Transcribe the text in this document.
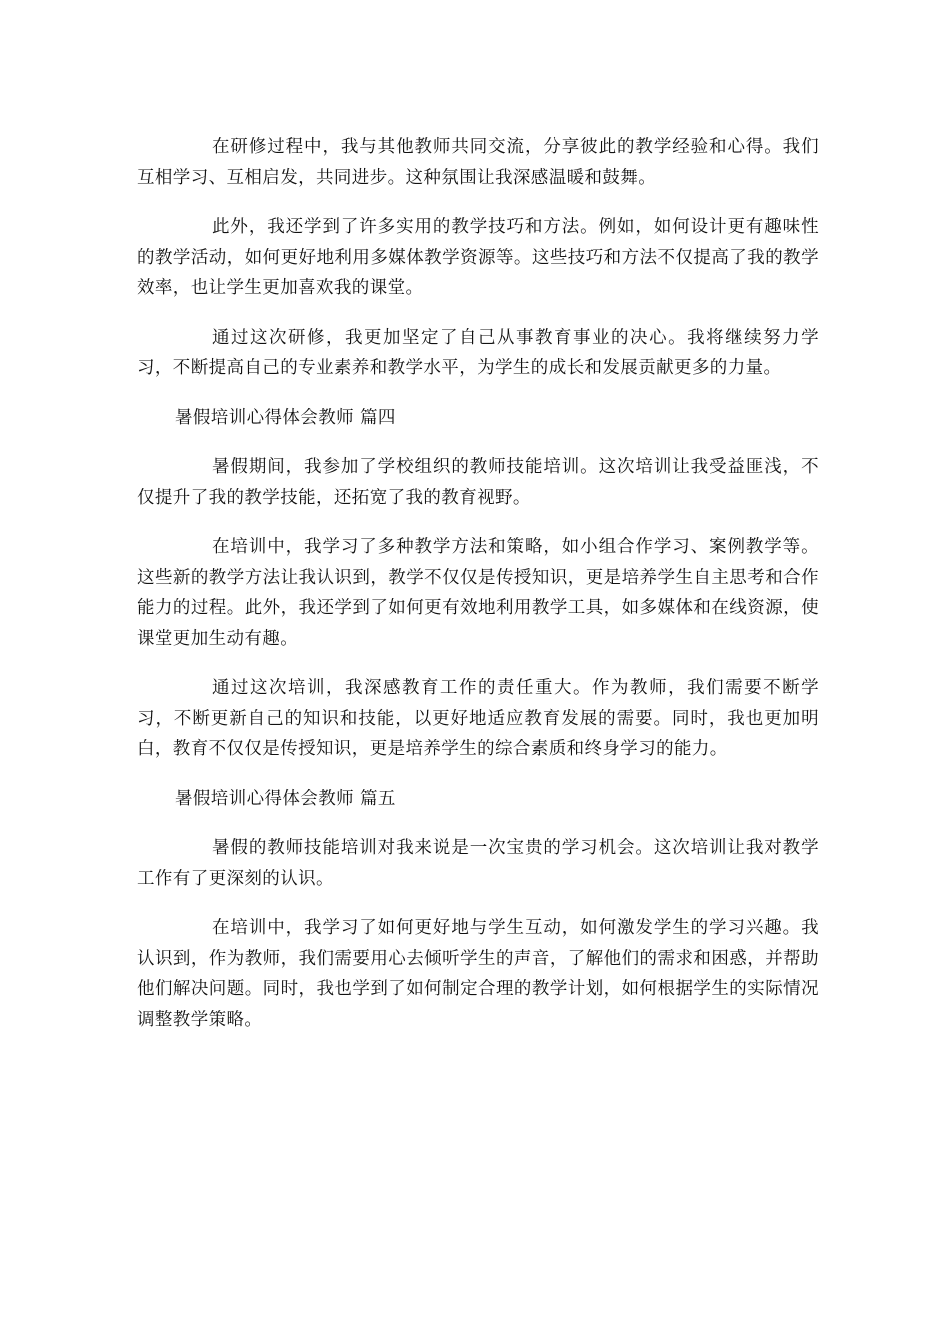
在研修过程中，我与其他教师共同交流，分享彼此的教学经验和心得。我们互相学习、互相启发，共同进步。这种氛围让我深感温暖和鼓舞。

此外，我还学到了许多实用的教学技巧和方法。例如，如何设计更有趣味性的教学活动，如何更好地利用多媒体教学资源等。这些技巧和方法不仅提高了我的教学效率，也让学生更加喜欢我的课堂。

通过这次研修，我更加坚定了自己从事教育事业的决心。我将继续努力学习，不断提高自己的专业素养和教学水平，为学生的成长和发展贡献更多的力量。

暑假培训心得体会教师 篇四

暑假期间，我参加了学校组织的教师技能培训。这次培训让我受益匪浅，不仅提升了我的教学技能，还拓宽了我的教育视野。

在培训中，我学习了多种教学方法和策略，如小组合作学习、案例教学等。这些新的教学方法让我认识到，教学不仅仅是传授知识，更是培养学生自主思考和合作能力的过程。此外，我还学到了如何更有效地利用教学工具，如多媒体和在线资源，使课堂更加生动有趣。

通过这次培训，我深感教育工作的责任重大。作为教师，我们需要不断学习，不断更新自己的知识和技能，以更好地适应教育发展的需要。同时，我也更加明白，教育不仅仅是传授知识，更是培养学生的综合素质和终身学习的能力。

暑假培训心得体会教师 篇五

暑假的教师技能培训对我来说是一次宝贵的学习机会。这次培训让我对教学工作有了更深刻的认识。

在培训中，我学习了如何更好地与学生互动，如何激发学生的学习兴趣。我认识到，作为教师，我们需要用心去倾听学生的声音，了解他们的需求和困惑，并帮助他们解决问题。同时，我也学到了如何制定合理的教学计划，如何根据学生的实际情况调整教学策略。
